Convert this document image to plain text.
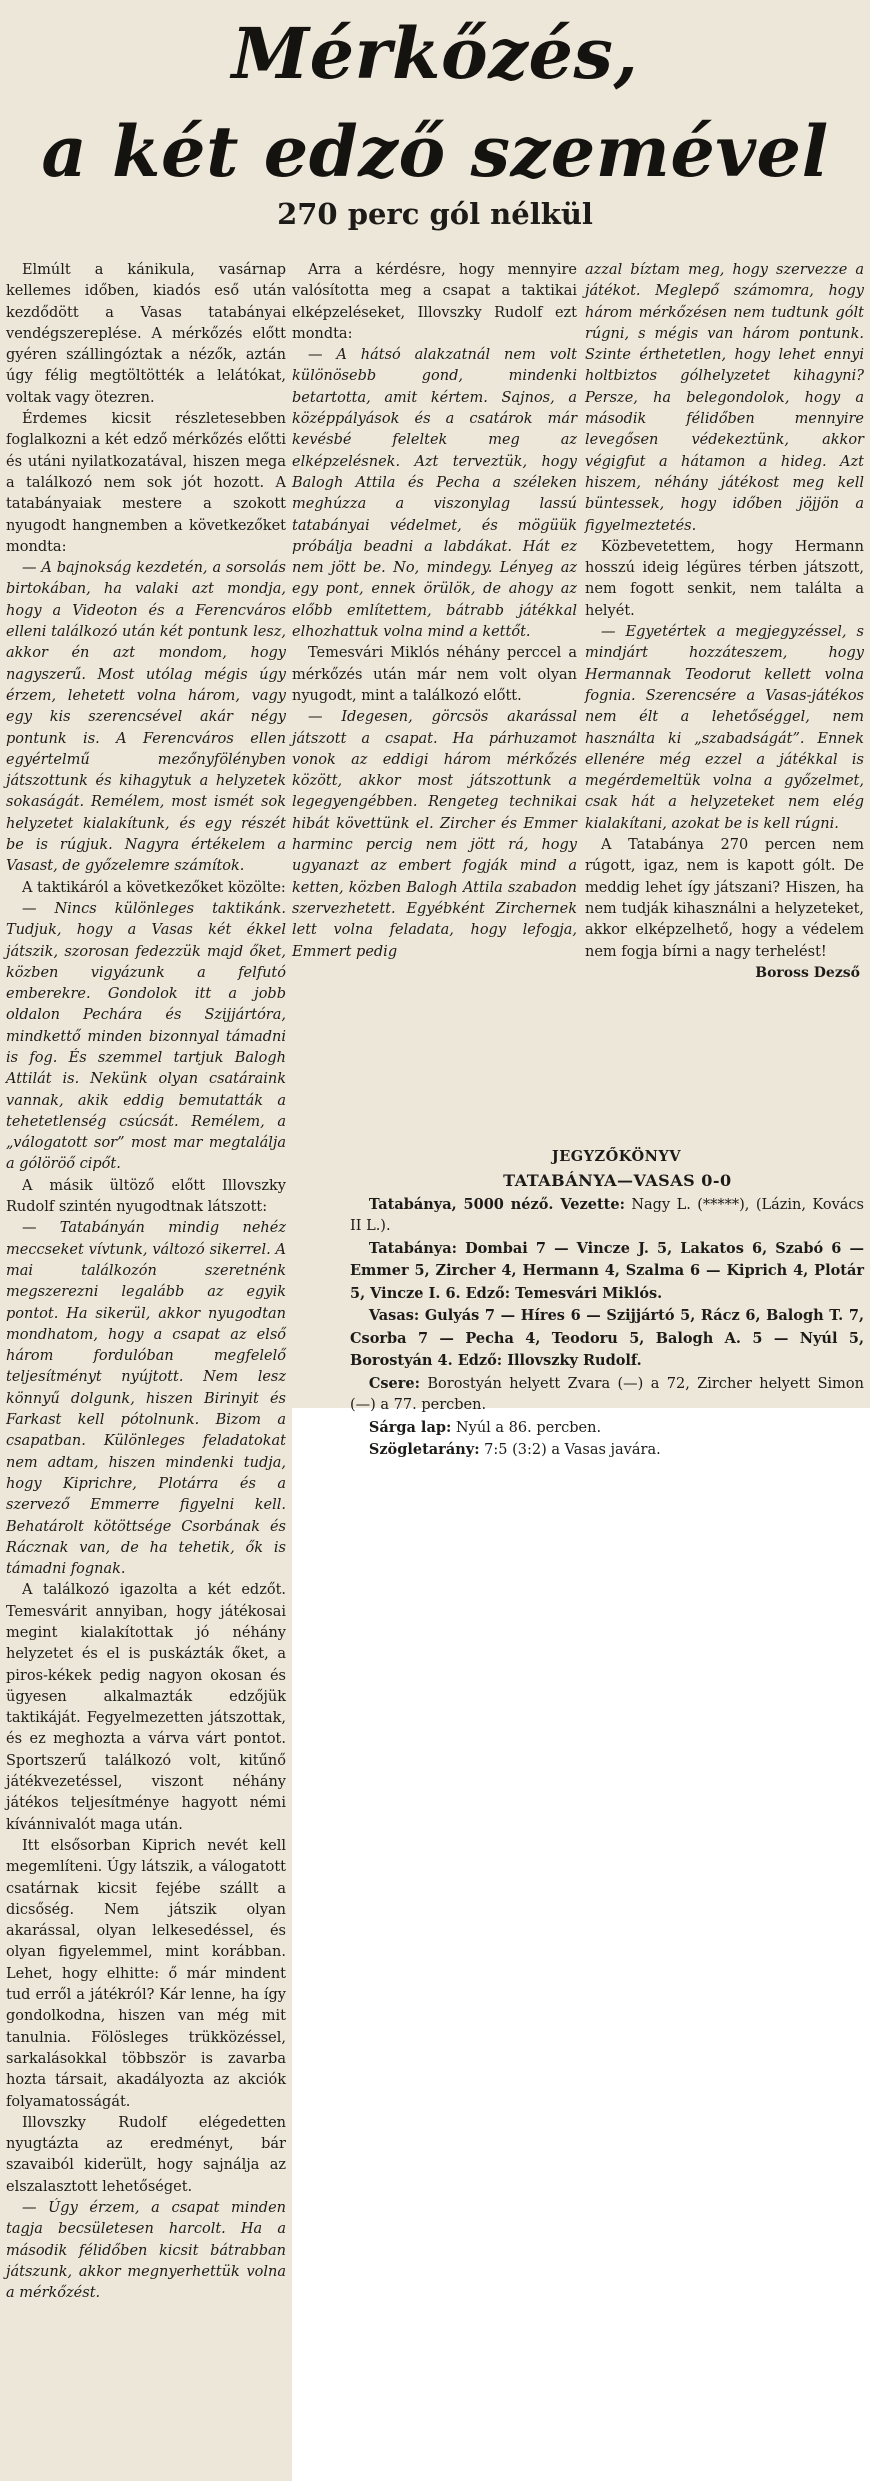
Mérkőzés,
a két edző szemével
270 perc gól nélkül

Elmúlt a kánikula, vasárnap kellemes időben, kiadós eső után kezdődött a Vasas tatabányai vendégszereplése. A mérkőzés előtt gyéren szállingóztak a nézők, aztán úgy félig megtöltötték a lelátókat, voltak vagy ötezren.

Érdemes kicsit részletesebben foglalkozni a két edző mérkőzés előtti és utáni nyilatkozatával, hiszen mega a találkozó nem sok jót hozott. A tatabányaiak mestere a szokott nyugodt hangnemben a következőket mondta:

— A bajnokság kezdetén, a sorsolás birtokában, ha valaki azt mondja, hogy a Videoton és a Ferencváros elleni találkozó után két pontunk lesz, akkor én azt mondom, hogy nagyszerű. Most utólag mégis úgy érzem, lehetett volna három, vagy egy kis szerencsével akár négy pontunk is. A Ferencváros ellen egyértelmű mezőnyfölényben játszottunk és kihagytuk a helyzetek sokaságát. Remélem, most ismét sok helyzetet kialakítunk, és egy részét be is rúgjuk. Nagyra értékelem a Vasast, de győzelemre számítok.

A taktikáról a következőket közölte:

— Nincs különleges taktikánk. Tudjuk, hogy a Vasas két ékkel játszik, szorosan fedezzük majd őket, közben vigyázunk a felfutó emberekre. Gondolok itt a jobb oldalon Pechára és Szijjártóra, mindkettő minden bizonnyal támadni is fog. És szemmel tartjuk Balogh Attilát is. Nekünk olyan csatáraink vannak, akik eddig bemutatták a tehetetlenség csúcsát. Remélem, a „válogatott sor” most mar megtalálja a gólöröő cipőt.

A másik ültöző előtt Illovszky Rudolf szintén nyugodtnak látszott:

— Tatabányán mindig nehéz meccseket vívtunk, változó sikerrel. A mai találkozón szeretnénk megszerezni legalább az egyik pontot. Ha sikerül, akkor nyugodtan mondhatom, hogy a csapat az első három fordulóban megfelelő teljesítményt nyújtott. Nem lesz könnyű dolgunk, hiszen Birinyit és Farkast kell pótolnunk. Bizom a csapatban. Különleges feladatokat nem adtam, hiszen mindenki tudja, hogy Kiprichre, Plotárra és a szervező Emmerre figyelni kell. Behatárolt kötöttsége Csorbának és Rácznak van, de ha tehetik, ők is támadni fognak.

A találkozó igazolta a két edzőt. Temesvárit annyiban, hogy játékosai megint kialakítottak jó néhány helyzetet és el is puskázták őket, a piros-kékek pedig nagyon okosan és ügyesen alkalmazták edzőjük taktikáját. Fegyelmezetten játszottak, és ez meghozta a várva várt pontot. Sportszerű találkozó volt, kitűnő játékvezetéssel, viszont néhány játékos teljesítménye hagyott némi kívánnivalót maga után.

Itt elsősorban Kiprich nevét kell megemlíteni. Úgy látszik, a válogatott csatárnak kicsit fejébe szállt a dicsőség. Nem játszik olyan akarással, olyan lelkesedéssel, és olyan figyelemmel, mint korábban. Lehet, hogy elhitte: ő már mindent tud erről a játékról? Kár lenne, ha így gondolkodna, hiszen van még mit tanulnia. Fölösleges trükközéssel, sarkalásokkal többször is zavarba hozta társait, akadályozta az akciók folyamatosságát.

Illovszky Rudolf elégedetten nyugtázta az eredményt, bár szavaiból kiderült, hogy sajnálja az elszalasztott lehetőséget.

— Úgy érzem, a csapat minden tagja becsületesen harcolt. Ha a második félidőben kicsit bátrabban játszunk, akkor megnyerhettük volna a mérkőzést.

Arra a kérdésre, hogy mennyire valósította meg a csapat a taktikai elképzeléseket, Illovszky Rudolf ezt mondta:

— A hátsó alakzatnál nem volt különösebb gond, mindenki betartotta, amit kértem. Sajnos, a középpályások és a csatárok már kevésbé feleltek meg az elképzelésnek. Azt terveztük, hogy Balogh Attila és Pecha a széleken meghúzza a viszonylag lassú tatabányai védelmet, és mögüük próbálja beadni a labdákat. Hát ez nem jött be. No, mindegy. Lényeg az egy pont, ennek örülök, de ahogy az előbb említettem, bátrabb játékkal elhozhattuk volna mind a kettőt.

Temesvári Miklós néhány perccel a mérkőzés után már nem volt olyan nyugodt, mint a találkozó előtt.

— Idegesen, görcsös akarással játszott a csapat. Ha párhuzamot vonok az eddigi három mérkőzés között, akkor most játszottunk a legegyengébben. Rengeteg technikai hibát követtünk el. Zircher és Emmer harminc percig nem jött rá, hogy ugyanazt az embert fogják mind a ketten, közben Balogh Attila szabadon szervezhetett. Egyébként Zirchernek lett volna feladata, hogy lefogja, Emmert pedig

azzal bíztam meg, hogy szervezze a játékot. Meglepő számomra, hogy három mérkőzésen nem tudtunk gólt rúgni, s mégis van három pontunk. Szinte érthetetlen, hogy lehet ennyi holtbiztos gólhelyzetet kihagyni? Persze, ha belegondolok, hogy a második félidőben mennyire levegősen védekeztünk, akkor végigfut a hátamon a hideg. Azt hiszem, néhány játékost meg kell büntessek, hogy időben jöjjön a figyelmeztetés.

Közbevetettem, hogy Hermann hosszú ideig légüres térben játszott, nem fogott senkit, nem találta a helyét.

— Egyetértek a megjegyzéssel, s mindjárt hozzáteszem, hogy Hermannak Teodorut kellett volna fognia. Szerencsére a Vasas-játékos nem élt a lehetőséggel, nem használta ki „szabadságát”. Ennek ellenére még ezzel a játékkal is megérdemeltük volna a győzelmet, csak hát a helyzeteket nem elég kialakítani, azokat be is kell rúgni.

A Tatabánya 270 percen nem rúgott, igaz, nem is kapott gólt. De meddig lehet így játszani? Hiszen, ha nem tudják kihasználni a helyzeteket, akkor elképzelhető, hogy a védelem nem fogja bírni a nagy terhelést!

Boross Dezső

JEGYZŐKÖNYV

TATABÁNYA—VASAS 0-0

Tatabánya, 5000 néző. Vezette: Nagy L. (*****), (Lázin, Kovács II L.).

Tatabánya: Dombai 7 — Vincze J. 5, Lakatos 6, Szabó 6 — Emmer 5, Zircher 4, Hermann 4, Szalma 6 — Kiprich 4, Plotár 5, Vincze I. 6. Edző: Temesvári Miklós.

Vasas: Gulyás 7 — Híres 6 — Szijjártó 5, Rácz 6, Balogh T. 7, Csorba 7 — Pecha 4, Teodoru 5, Balogh A. 5 — Nyúl 5, Borostyán 4. Edző: Illovszky Rudolf.

Csere: Borostyán helyett Zvara (—) a 72, Zircher helyett Simon (—) a 77. percben.

Sárga lap: Nyúl a 86. percben.

Szögletarány: 7:5 (3:2) a Vasas javára.
